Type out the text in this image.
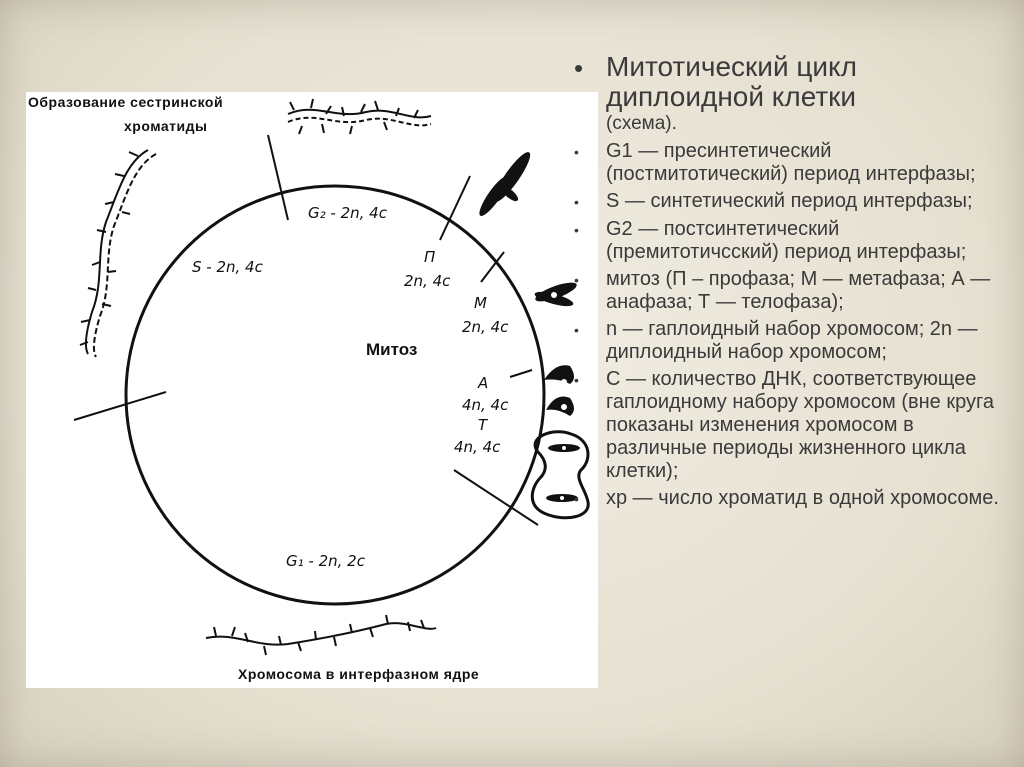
Образование сестринской
хроматиды
Хромосома в интерфазном ядре
Митоз
G₂ - 2n, 4c
S - 2n, 4c
П
2n, 4c
М
2n, 4c
А
4n, 4c
Т
4n, 4c
G₁ - 2n, 2c
• Митотический цикл
диплоидной клетки
(схема).
•	G1 — пресинтетический (постмитотический) период интерфазы;
•	S — синтетический период интерфазы;
•	G2 — постсинтетический (премитотичсский) период интерфазы;
•	митоз (П – профаза; М — метафаза; А — анафаза; Т — телофаза);
•	n — гаплоидный набор хромосом; 2n — диплоидный набор хромосом;
•	С — количество ДНК, соответствующее гаплоидному набору хромосом (вне круга показаны изменения хромосом в различные периоды жизненного цикла клетки);
•	хр — число хроматид в одной хромосоме.
